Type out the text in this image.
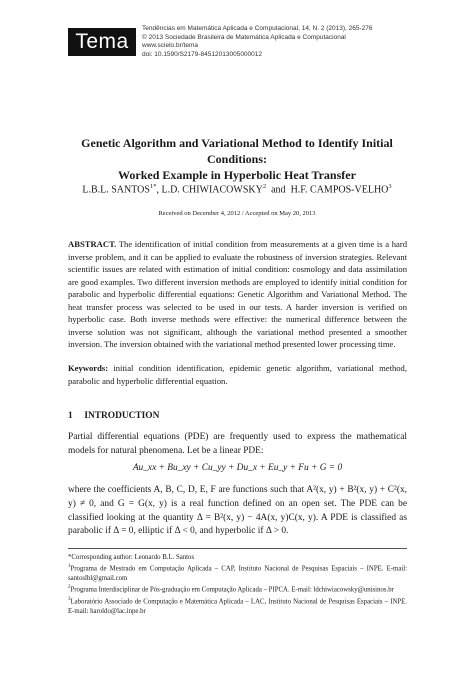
Tema
Tendências em Matemática Aplicada e Computacional, 14, N. 2 (2013), 265-276
© 2013 Sociedade Brasileira de Matemática Aplicada e Computacional
www.scielo.br/tema
doi: 10.1590/S2179-84512013005000012
Genetic Algorithm and Variational Method to Identify Initial Conditions:
Worked Example in Hyperbolic Heat Transfer
L.B.L. $SANTOS^{1*}$, L.D. CHIWIACOWSKY$^2$ and H.F. CAMPOS-VELHO$^3$
Received on December 4, 2012 / Accepted on May 20, 2013
ABSTRACT. The identification of initial condition from measurements at a given time is a hard inverse problem, and it can be applied to evaluate the robustness of inversion strategies. Relevant scientific issues are related with estimation of initial condition: cosmology and data assimilation are good examples. Two different inversion methods are employed to identify initial condition for parabolic and hyperbolic differential equations: Genetic Algorithm and Variational Method. The heat transfer process was selected to be used in our tests. A harder inversion is verified on hyperbolic case. Both inverse methods were effective: the numerical difference between the inverse solution was not significant, although the variational method presented a smoother inversion. The inversion obtained with the variational method presented lower processing time.
Keywords: initial condition identification, epidemic genetic algorithm, variational method, parabolic and hyperbolic differential equation.
1 INTRODUCTION
Partial differential equations (PDE) are frequently used to express the mathematical models for natural phenomena. Let be a linear PDE:
Au_xx + Bu_xy + Cu_yy + Du_x + Eu_y + Fu + G = 0
where the coefficients A, B, C, D, E, F are functions such that A²(x, y) + B²(x, y) + C²(x, y) ≠ 0, and G = G(x, y) is a real function defined on an open set. The PDE can be classified looking at the quantity Δ = B²(x, y) − 4A(x, y)C(x, y). A PDE is classified as parabolic if Δ = 0, elliptic if Δ < 0, and hyperbolic if Δ > 0.
*Corresponding author: Leonardo B.L. Santos
$^1$Programa de Mestrado em Computação Aplicada – CAP, Instituto Nacional de Pesquisas Espaciais – INPE. E-mail: santoslbl@gmail.com
$^2$Programa Interdisciplinar de Pós-graduação em Computação Aplicada – PIPCA. E-mail: ldchiwiacowsky@unisinos.br
$^3$Laboratório Associado de Computação e Matemática Aplicada – LAC, Instituto Nacional de Pesquisas Espaciais – INPE. E-mail: haroldo@lac.inpe.br
